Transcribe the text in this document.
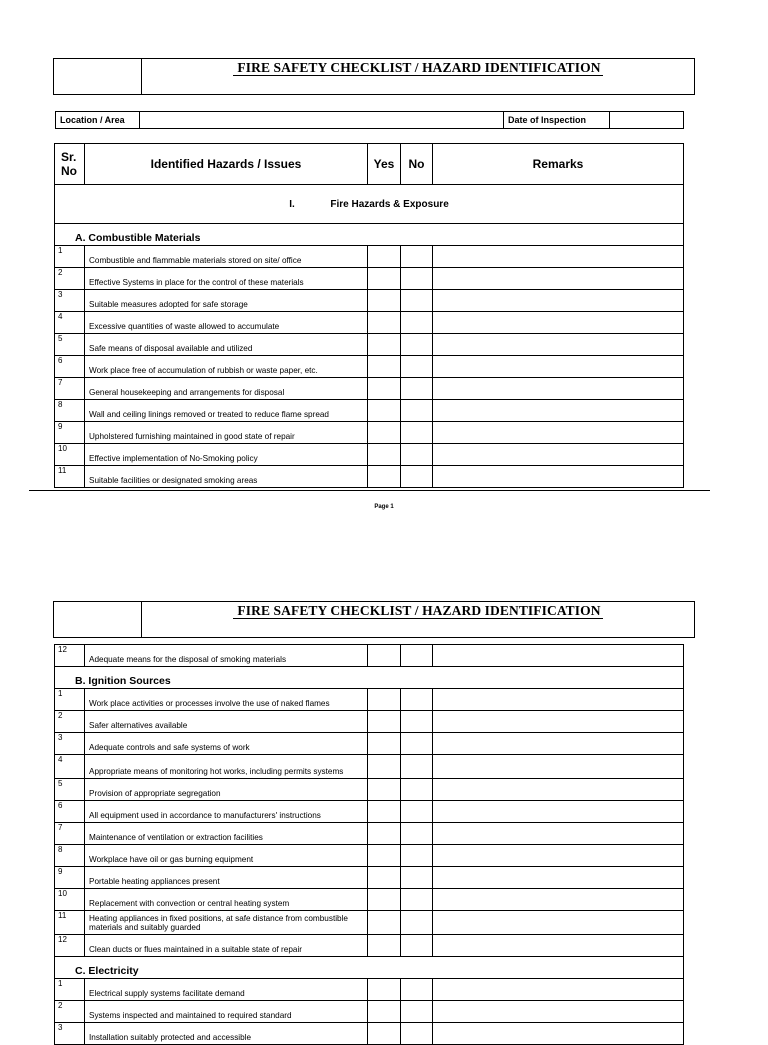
FIRE SAFETY CHECKLIST / HAZARD IDENTIFICATION
Location / Area		Date of Inspection	
Sr. No	Identified Hazards / Issues	Yes	No	Remarks
I. Fire Hazards & Exposure				
A. Combustible Materials				
1	Combustible and flammable materials stored on site/ office			
2	Effective Systems in place for the control of these materials			
3	Suitable measures adopted for safe storage			
4	Excessive quantities of waste allowed to accumulate			
5	Safe means of disposal available and utilized			
6	Work place free of accumulation of rubbish or waste paper, etc.			
7	General housekeeping and arrangements for disposal			
8	Wall and ceiling linings removed or treated to reduce flame spread			
9	Upholstered furnishing maintained in good state of repair			
10	Effective implementation of No-Smoking policy			
11	Suitable facilities or designated smoking areas			
Page 1
FIRE SAFETY CHECKLIST / HAZARD IDENTIFICATION
12	Adequate means for the disposal of smoking materials			
B. Ignition Sources				
1	Work place activities or processes involve the use of naked flames			
2	Safer alternatives available			
3	Adequate controls and safe systems of work			
4	Appropriate means of monitoring hot works, including permits systems			
5	Provision of appropriate segregation			
6	All equipment used in accordance to manufacturers' instructions			
7	Maintenance of ventilation or extraction facilities			
8	Workplace have oil or gas burning equipment			
9	Portable heating appliances present			
10	Replacement with convection or central heating system			
11	Heating appliances in fixed positions, at safe distance from combustible materials and suitably guarded			
12	Clean ducts or flues maintained in a suitable state of repair			
C. Electricity				
1	Electrical supply systems facilitate demand			
2	Systems inspected and maintained to required standard			
3	Installation suitably protected and accessible			
